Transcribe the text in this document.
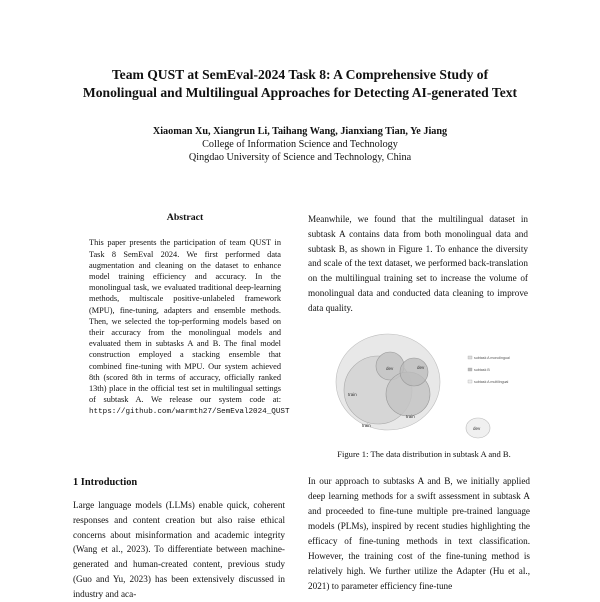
Team QUST at SemEval-2024 Task 8: A Comprehensive Study of
Monolingual and Multilingual Approaches for Detecting AI-generated Text
Xiaoman Xu, Xiangrun Li, Taihang Wang, Jianxiang Tian, Ye Jiang
College of Information Science and Technology
Qingdao University of Science and Technology, China
Abstract
This paper presents the participation of team QUST in Task 8 SemEval 2024. We first performed data augmentation and cleaning on the dataset to enhance model training efficiency and accuracy. In the monolingual task, we evaluated traditional deep-learning methods, multiscale positive-unlabeled framework (MPU), fine-tuning, adapters and ensemble methods. Then, we selected the top-performing models based on their accuracy from the monolingual models and evaluated them in subtasks A and B. The final model construction employed a stacking ensemble that combined fine-tuning with MPU. Our system achieved 8th (scored 8th in terms of accuracy, officially ranked 13th) place in the official test set in multilingual settings of subtask A. We release our system code at: https://github.com/warmth27/SemEval2024_QUST
1 Introduction
Large language models (LLMs) enable quick, coherent responses and content creation but also raise ethical concerns about misinformation and academic integrity (Wang et al., 2023). To differentiate between machine-generated and human-created content, previous study (Guo and Yu, 2023) has been extensively discussed in industry and aca-
Meanwhile, we found that the multilingual dataset in subtask A contains data from both monolingual data and subtask B, as shown in Figure 1. To enhance the diversity and scale of the text dataset, we performed back-translation on the multilingual training set to increase the volume of monolingual data and conducted data cleaning to improve data quality.
dev	dev
train
train
train
dev
subtask A monolingual
subtask B
subtask A multilingual
Figure 1: The data distribution in subtask A and B.
In our approach to subtasks A and B, we initially applied deep learning methods for a swift assessment in subtask A and proceeded to fine-tune multiple pre-trained language models (PLMs), inspired by recent studies highlighting the efficacy of fine-tuning methods in text classification. However, the training cost of the fine-tuning method is relatively high. We further utilize the Adapter (Hu et al., 2021) to parameter efficiency fine-tune
